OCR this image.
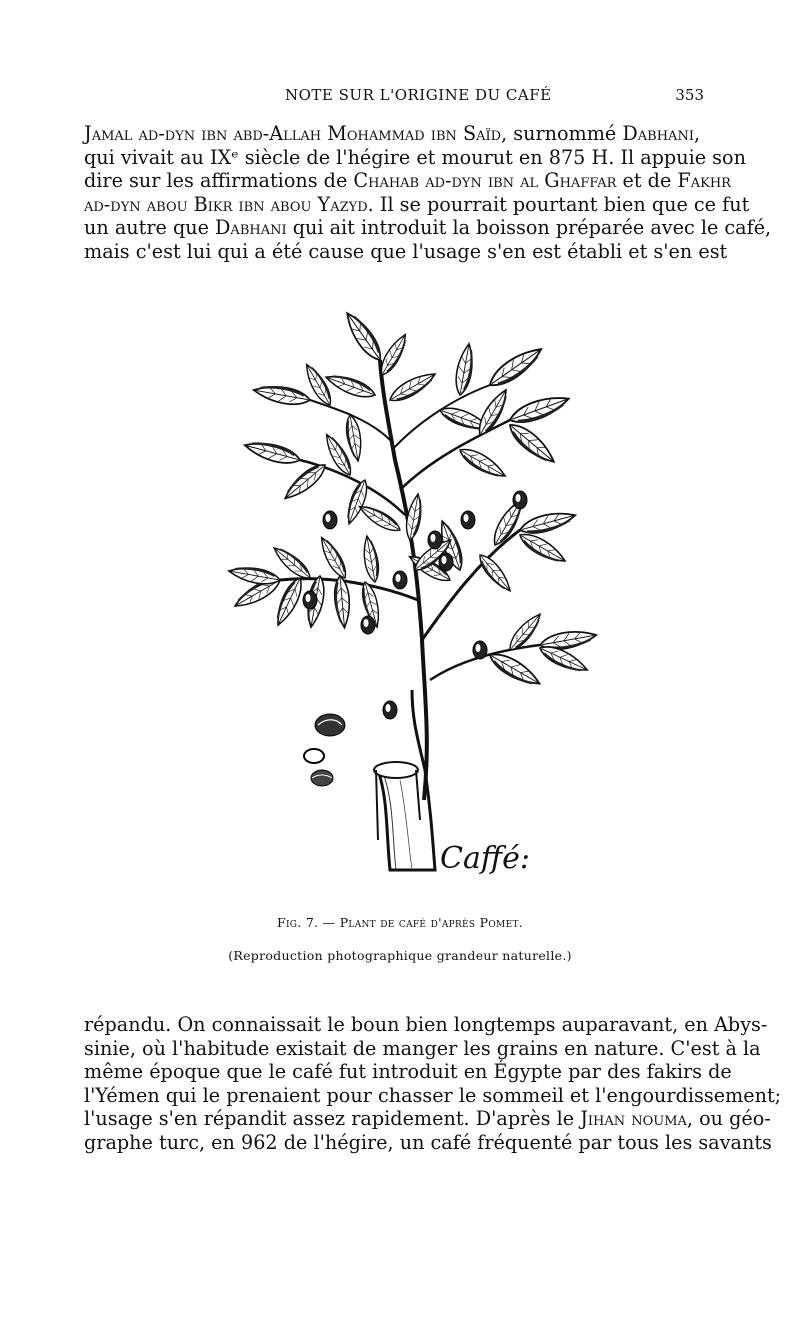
NOTE SUR L'ORIGINE DU CAFÉ	353
Jamal ad-dyn ibn abd-Allah Mohammad ibn Saïd, surnommé Dabhani,
qui vivait au IXᵉ siècle de l'hégire et mourut en 875 H. Il appuie son
dire sur les affirmations de Chahab ad-dyn ibn al Ghaffar et de Fakhr
ad-dyn abou Bikr ibn abou Yazyd. Il se pourrait pourtant bien que ce fut
un autre que Dabhani qui ait introduit la boisson préparée avec le café,
mais c'est lui qui a été cause que l'usage s'en est établi et s'en est
Caffé:
Fig. 7. — Plant de café d'après Pomet.
(Reproduction photographique grandeur naturelle.)
répandu. On connaissait le boun bien longtemps auparavant, en Abys-
sinie, où l'habitude existait de manger les grains en nature. C'est à la
même époque que le café fut introduit en Égypte par des fakirs de
l'Yémen qui le prenaient pour chasser le sommeil et l'engourdissement;
l'usage s'en répandit assez rapidement. D'après le Jihan nouma, ou géo-
graphe turc, en 962 de l'hégire, un café fréquenté par tous les savants
